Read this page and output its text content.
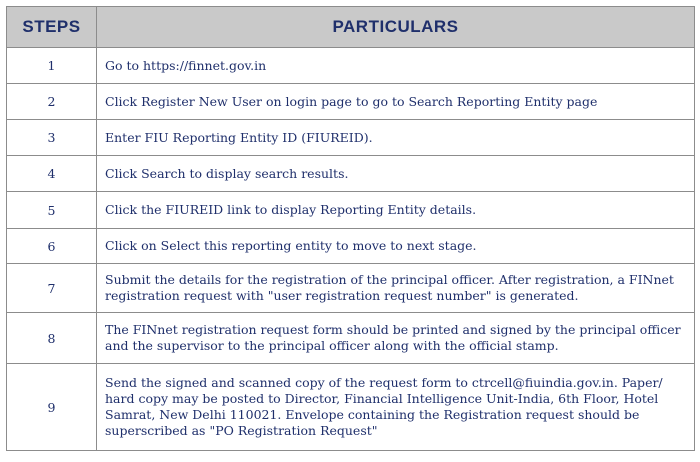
STEPS	PARTICULARS
1	Go to https://finnet.gov.in
2	Click Register New User on login page to go to Search Reporting Entity page
3	Enter FIU Reporting Entity ID (FIUREID).
4	Click Search to display search results.
5	Click the FIUREID link to display Reporting Entity details.
6	Click on Select this reporting entity to move to next stage.
7	Submit the details for the registration of the principal officer. After registration, a FINnet registration request with "user registration request number" is generated.
8	The FINnet registration request form should be printed and signed by the principal officer and the supervisor to the principal officer along with the official stamp.
9	Send the signed and scanned copy of the request form to ctrcell@fiuindia.gov.in. Paper/ hard copy may be posted to Director, Financial Intelligence Unit-India, 6th Floor, Hotel Samrat, New Delhi 110021. Envelope containing the Registration request should be superscribed as "PO Registration Request"
